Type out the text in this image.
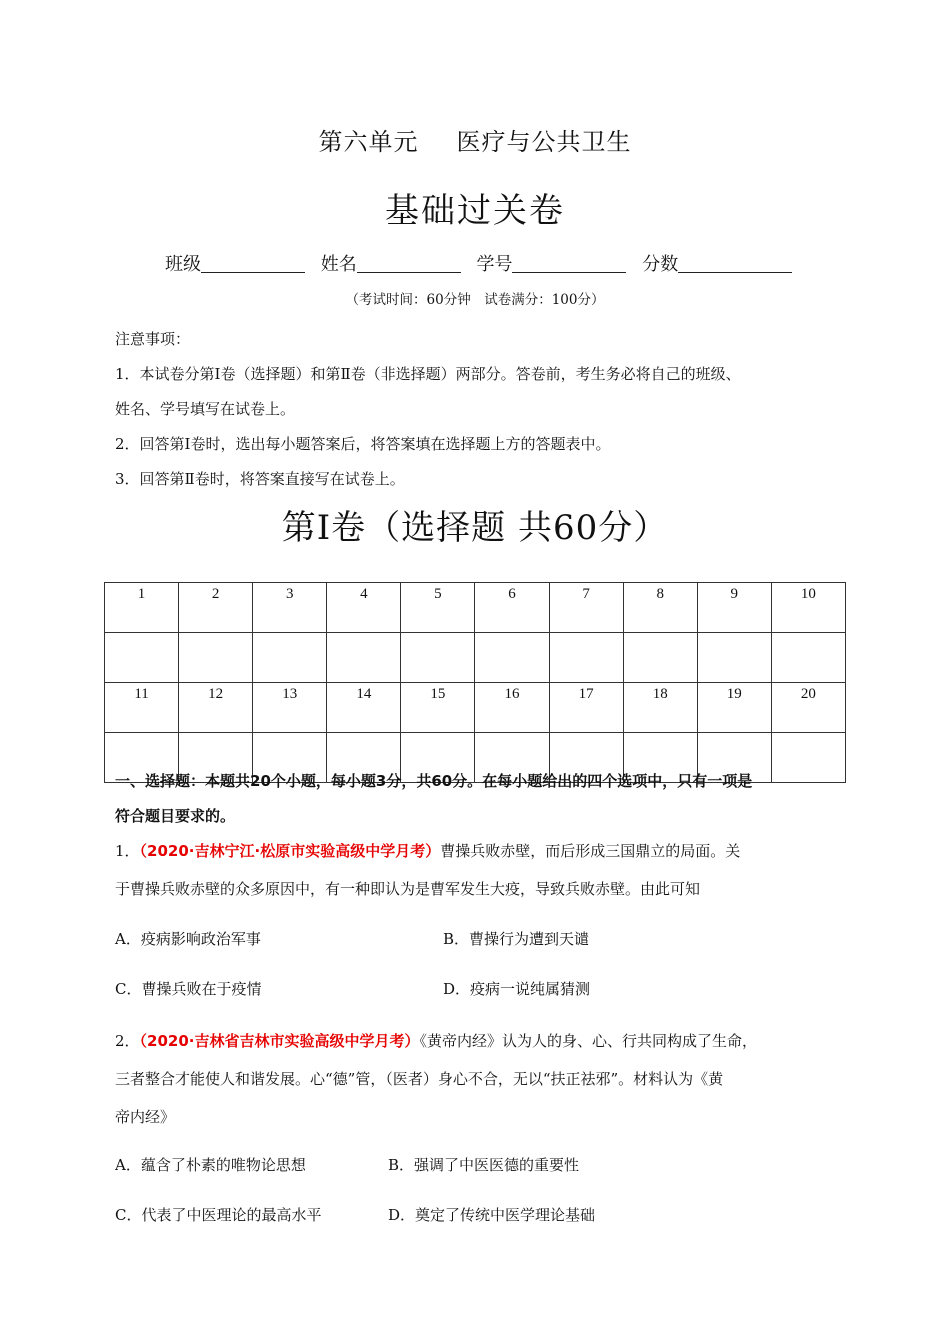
第六单元 医疗与公共卫生
基础过关卷
班级	姓名	学号	分数
（考试时间：60分钟　试卷满分：100分）

注意事项：

1．本试卷分第Ⅰ卷（选择题）和第Ⅱ卷（非选择题）两部分。答卷前，考生务必将自己的班级、

姓名、学号填写在试卷上。

2．回答第Ⅰ卷时，选出每小题答案后，将答案填在选择题上方的答题表中。

3．回答第Ⅱ卷时，将答案直接写在试卷上。

第Ⅰ卷（选择题 共60分）
1	2	3	4	5	6	7	8	9	10

11	12	13	14	15	16	17	18	19	20

一、选择题：本题共20个小题，每小题3分，共60分。在每小题给出的四个选项中，只有一项是

符合题目要求的。

1．（2020·吉林宁江·松原市实验高级中学月考）曹操兵败赤壁，而后形成三国鼎立的局面。关

于曹操兵败赤壁的众多原因中，有一种即认为是曹军发生大疫，导致兵败赤壁。由此可知

A．疫病影响政治军事	B．曹操行为遭到天谴
C．曹操兵败在于疫情	D．疫病一说纯属猜测

2．（2020·吉林省吉林市实验高级中学月考）《黄帝内经》认为人的身、心、行共同构成了生命，

三者整合才能使人和谐发展。心“德”管，（医者）身心不合，无以“扶正祛邪”。材料认为《黄

帝内经》

A．蕴含了朴素的唯物论思想	B．强调了中医医德的重要性
C．代表了中医理论的最高水平	D．奠定了传统中医学理论基础
